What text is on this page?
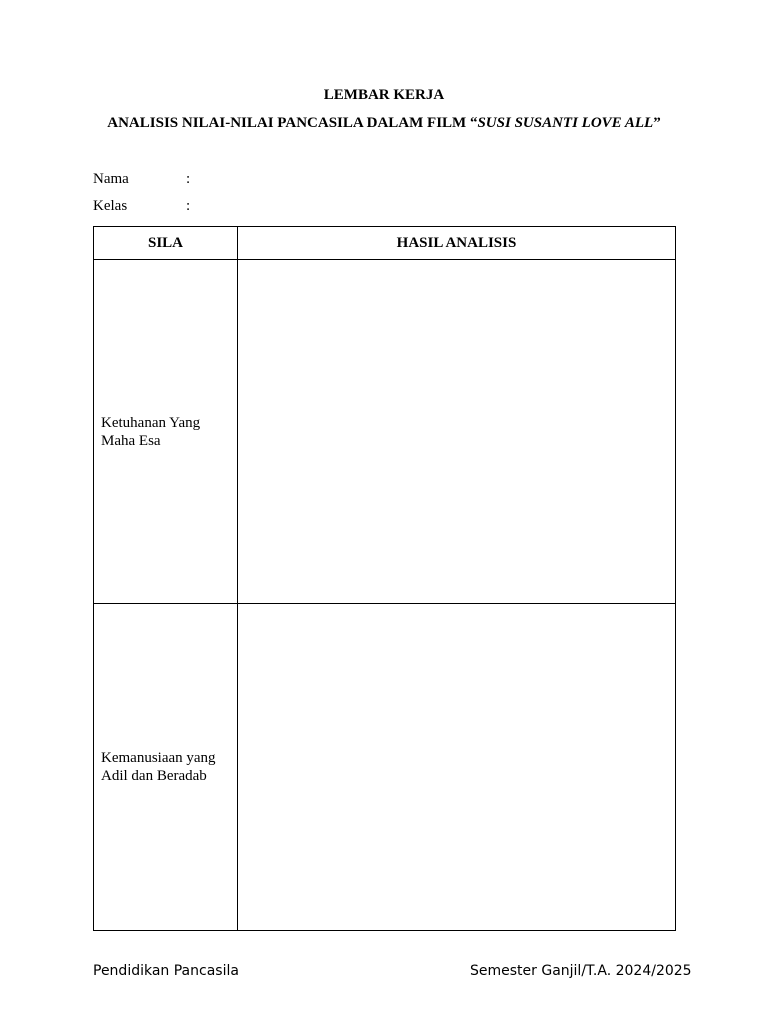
LEMBAR KERJA

ANALISIS NILAI-NILAI PANCASILA DALAM FILM “SUSI SUSANTI LOVE ALL”

Nama	:
Kelas	:
SILA	HASIL ANALISIS

Ketuhanan Yang
Maha Esa	

Kemanusiaan yang
Adil dan Beradab	

Pendidikan Pancasila	Semester Ganjil/T.A. 2024/2025
